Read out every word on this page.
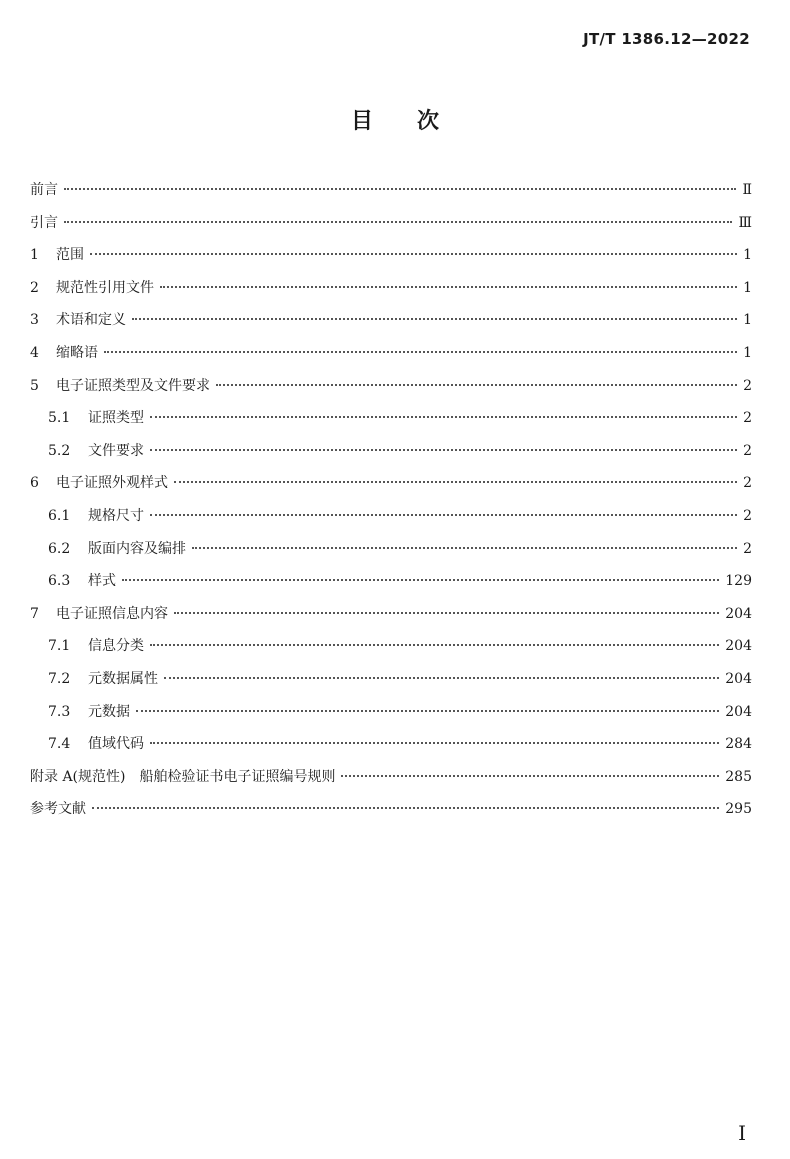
JT/T 1386.12—2022
目 次
前言	Ⅱ
引言	Ⅲ
1	范围	1
2	规范性引用文件	1
3	术语和定义	1
4	缩略语	1
5	电子证照类型及文件要求	2
5.1 证照类型	2
5.2 文件要求	2
6	电子证照外观样式	2
6.1 规格尺寸	2
6.2 版面内容及编排	2
6.3 样式	129
7	电子证照信息内容	204
7.1 信息分类	204
7.2 元数据属性	204
7.3 元数据	204
7.4 值域代码	284
附录 A(规范性)　船舶检验证书电子证照编号规则	285
参考文献	295
I
